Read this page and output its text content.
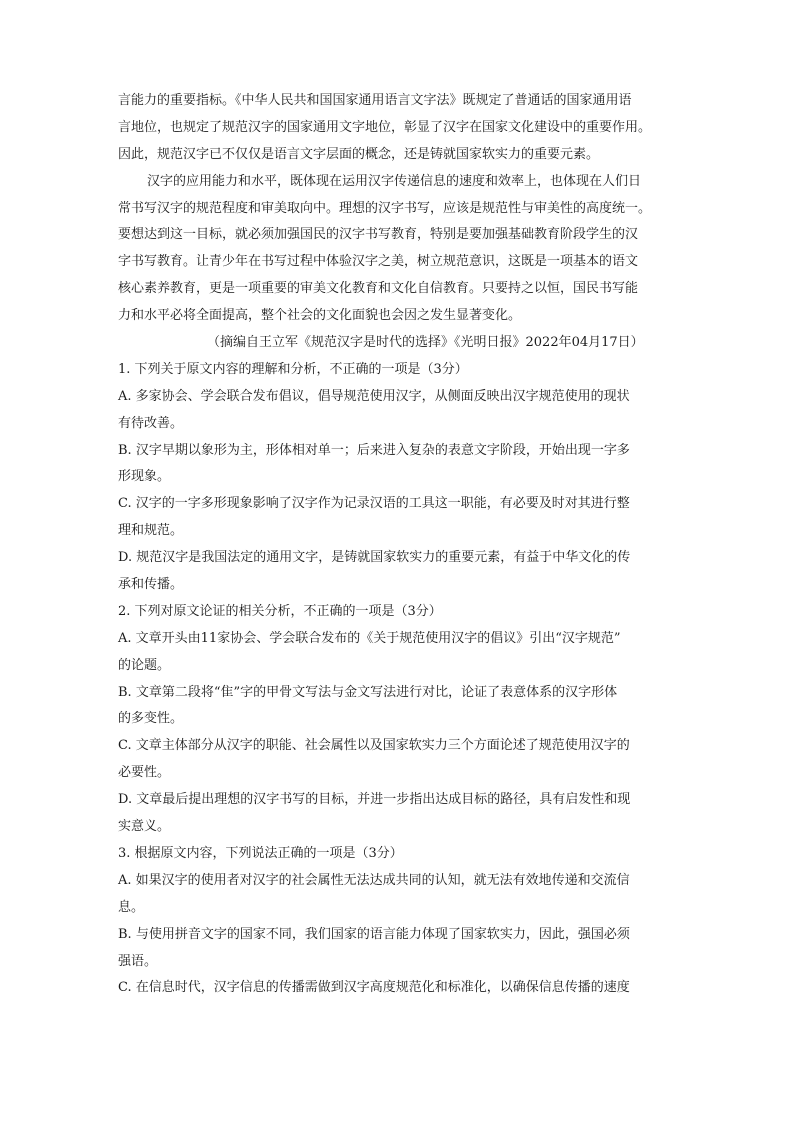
言能力的重要指标。《中华人民共和国国家通用语言文字法》既规定了普通话的国家通用语
言地位，也规定了规范汉字的国家通用文字地位，彰显了汉字在国家文化建设中的重要作用。
因此，规范汉字已不仅仅是语言文字层面的概念，还是铸就国家软实力的重要元素。
汉字的应用能力和水平，既体现在运用汉字传递信息的速度和效率上，也体现在人们日
常书写汉字的规范程度和审美取向中。理想的汉字书写，应该是规范性与审美性的高度统一。
要想达到这一目标，就必须加强国民的汉字书写教育，特别是要加强基础教育阶段学生的汉
字书写教育。让青少年在书写过程中体验汉字之美，树立规范意识，这既是一项基本的语文
核心素养教育，更是一项重要的审美文化教育和文化自信教育。只要持之以恒，国民书写能
力和水平必将全面提高，整个社会的文化面貌也会因之发生显著变化。
（摘编自王立军《规范汉字是时代的选择》《光明日报》2022年04月17日）
1. 下列关于原文内容的理解和分析，不正确的一项是（3分）
A. 多家协会、学会联合发布倡议，倡导规范使用汉字，从侧面反映出汉字规范使用的现状
有待改善。
B. 汉字早期以象形为主，形体相对单一；后来进入复杂的表意文字阶段，开始出现一字多
形现象。
C. 汉字的一字多形现象影响了汉字作为记录汉语的工具这一职能，有必要及时对其进行整
理和规范。
D. 规范汉字是我国法定的通用文字，是铸就国家软实力的重要元素，有益于中华文化的传
承和传播。
2. 下列对原文论证的相关分析，不正确的一项是（3分）
A. 文章开头由11家协会、学会联合发布的《关于规范使用汉字的倡议》引出“汉字规范”
的论题。
B. 文章第二段将“隹”字的甲骨文写法与金文写法进行对比，论证了表意体系的汉字形体
的多变性。
C. 文章主体部分从汉字的职能、社会属性以及国家软实力三个方面论述了规范使用汉字的
必要性。
D. 文章最后提出理想的汉字书写的目标，并进一步指出达成目标的路径，具有启发性和现
实意义。
3. 根据原文内容，下列说法正确的一项是（3分）
A. 如果汉字的使用者对汉字的社会属性无法达成共同的认知，就无法有效地传递和交流信
息。
B. 与使用拼音文字的国家不同，我们国家的语言能力体现了国家软实力，因此，强国必须
强语。
C. 在信息时代，汉字信息的传播需做到汉字高度规范化和标准化，以确保信息传播的速度
